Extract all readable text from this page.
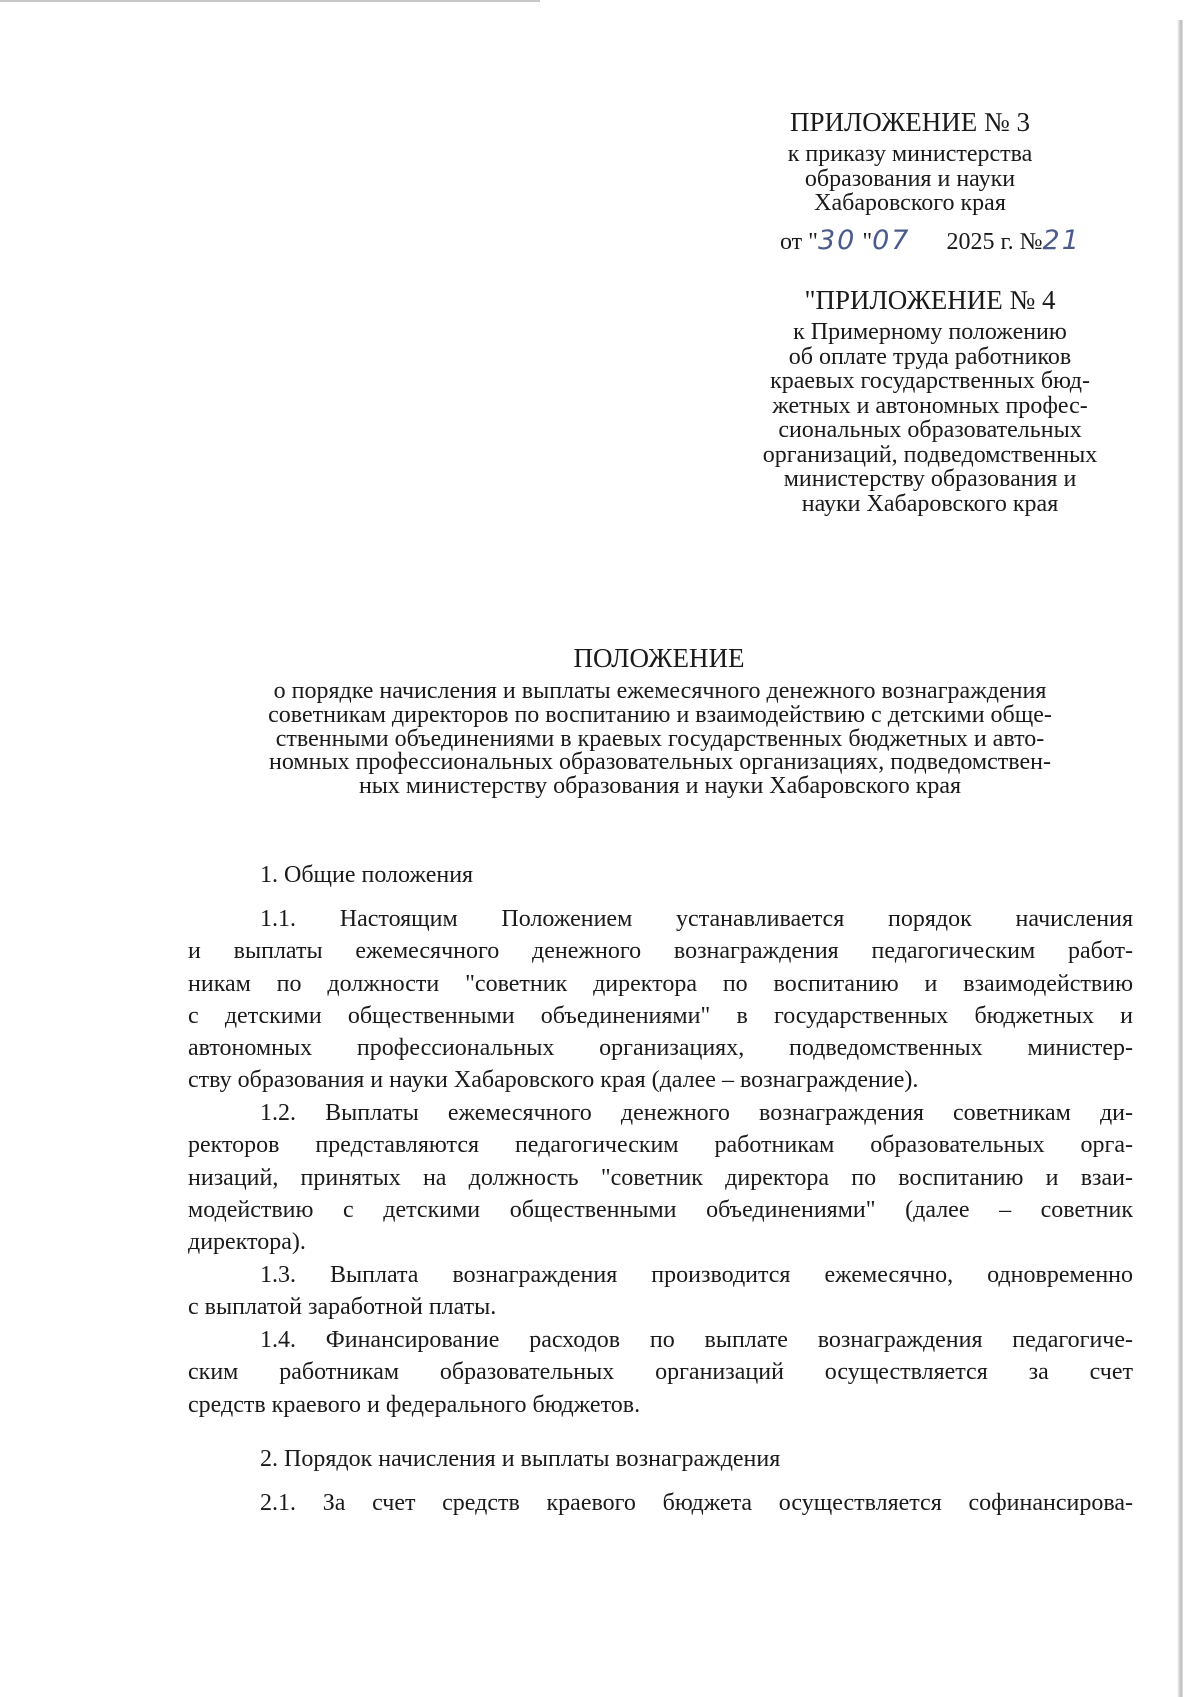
ПРИЛОЖЕНИЕ № 3
к приказу министерства
образования и науки
Хабаровского края
от "30 "07 2025 г. №21
"ПРИЛОЖЕНИЕ № 4
к Примерному положению
об оплате труда работников
краевых государственных бюд-
жетных и автономных профес-
сиональных образовательных
организаций, подведомственных
министерству образования и
науки Хабаровского края
ПОЛОЖЕНИЕ
о порядке начисления и выплаты ежемесячного денежного вознаграждения
советникам директоров по воспитанию и взаимодействию с детскими обще-
ственными объединениями в краевых государственных бюджетных и авто-
номных профессиональных образовательных организациях, подведомствен-
ных министерству образования и науки Хабаровского края
1. Общие положения
1.1. Настоящим Положением устанавливается порядок начисления
и выплаты ежемесячного денежного вознаграждения педагогическим работ-
никам по должности "советник директора по воспитанию и взаимодействию
с детскими общественными объединениями" в государственных бюджетных и
автономных профессиональных организациях, подведомственных министер-
ству образования и науки Хабаровского края (далее – вознаграждение).
1.2. Выплаты ежемесячного денежного вознаграждения советникам ди-
ректоров представляются педагогическим работникам образовательных орга-
низаций, принятых на должность "советник директора по воспитанию и взаи-
модействию с детскими общественными объединениями" (далее – советник
директора).
1.3. Выплата вознаграждения производится ежемесячно, одновременно
с выплатой заработной платы.
1.4. Финансирование расходов по выплате вознаграждения педагогиче-
ским работникам образовательных организаций осуществляется за счет
средств краевого и федерального бюджетов.
2. Порядок начисления и выплаты вознаграждения
2.1. За счет средств краевого бюджета осуществляется софинансирова-
